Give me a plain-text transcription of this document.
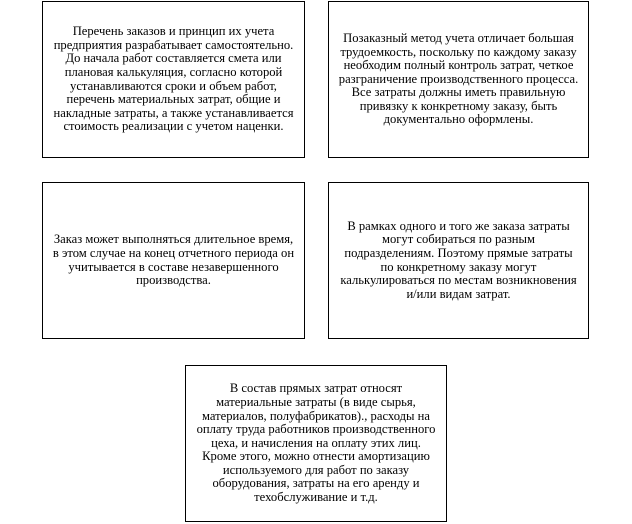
Перечень заказов и принцип их учета предприятия разрабатывает самостоятельно. До начала работ составляется смета или плановая калькуляция, согласно которой устанавливаются сроки и объем работ, перечень материальных затрат, общие и накладные затраты, а также устанавливается стоимость реализации с учетом наценки.

Позаказный метод учета отличает большая трудоемкость, поскольку по каждому заказу необходим полный контроль затрат, четкое разграничение производственного процесса. Все затраты должны иметь правильную привязку к конкретному заказу, быть документально оформлены.

Заказ может выполняться длительное время, в этом случае на конец отчетного периода он учитывается в составе незавершенного производства.

В рамках одного и того же заказа затраты могут собираться по разным подразделениям. Поэтому прямые затраты по конкретному заказу могут калькулироваться по местам возникновения и/или видам затрат.

В состав прямых затрат относят материальные затраты (в виде сырья, материалов, полуфабрикатов)., расходы на оплату труда работников производственного цеха, и начисления на оплату этих лиц. Кроме этого, можно отнести амортизацию используемого для работ по заказу оборудования, затраты на его аренду и техобслуживание и т.д.
